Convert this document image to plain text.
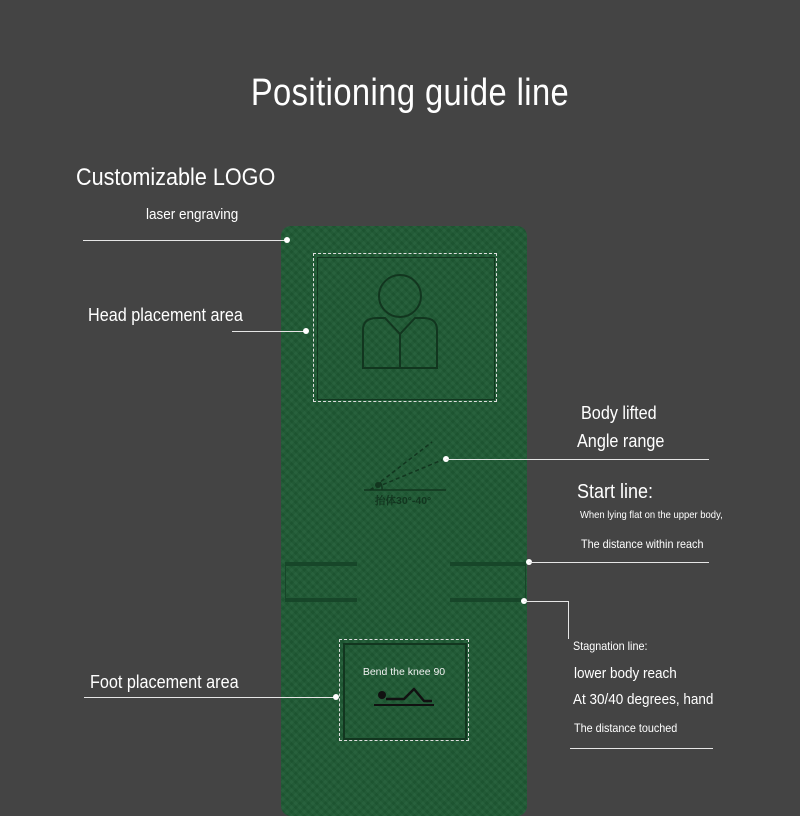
Positioning guide line
抬体30°-40°
Bend the knee 90
Customizable LOGO
laser engraving
Head placement area
Foot placement area
Body lifted
Angle range
Start line:
When lying flat on the upper body,
The distance within reach
Stagnation line:
lower body reach
At 30/40 degrees, hand
The distance touched
